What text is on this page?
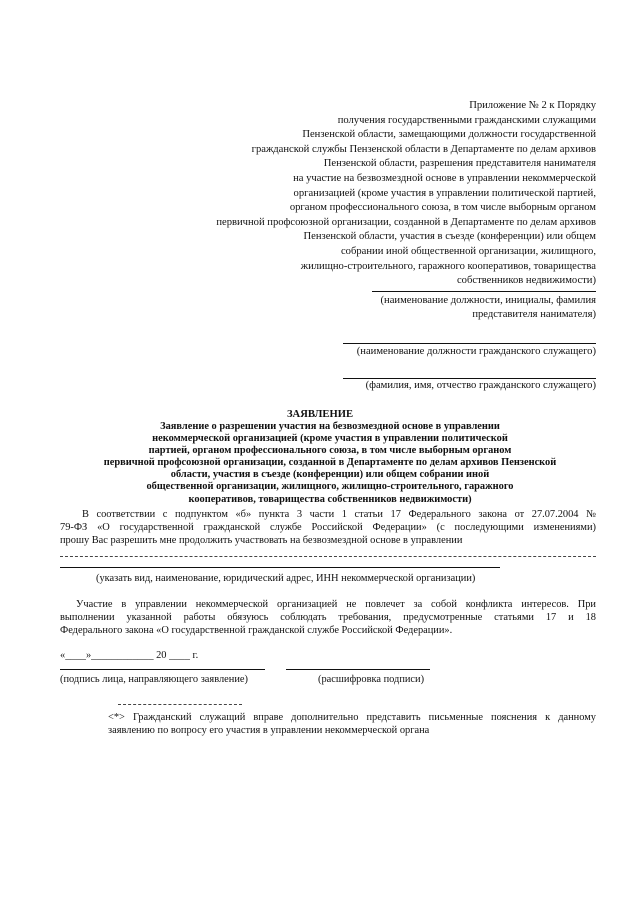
Приложение № 2 к Порядку
получения государственными гражданскими служащими
Пензенской области, замещающими должности государственной
гражданской службы Пензенской области в Департаменте по делам архивов
Пензенской области, разрешения представителя нанимателя
на участие на безвозмездной основе в управлении некоммерческой
организацией (кроме участия в управлении политической партией,
органом профессионального союза, в том числе выборным органом
первичной профсоюзной организации, созданной в Департаменте по делам архивов
Пензенской области, участия в съезде (конференции) или общем
собрании иной общественной организации, жилищного,
жилищно-строительного, гаражного кооперативов, товарищества
собственников недвижимости)
(наименование должности, инициалы, фамилия
представителя нанимателя)
(наименование должности гражданского служащего)
(фамилия, имя, отчество гражданского служащего)
ЗАЯВЛЕНИЕ
Заявление о разрешении участия на безвозмездной основе в управлении
некоммерческой организацией (кроме участия в управлении политической
партией, органом профессионального союза, в том числе выборным органом
первичной профсоюзной организации, созданной в Департаменте по делам архивов Пензенской
области, участия в съезде (конференции) или общем собрании иной
общественной организации, жилищного, жилищно-строительного, гаражного
кооперативов, товарищества собственников недвижимости)
В соответствии с подпунктом «б» пункта 3 части 1 статьи 17 Федерального закона от 27.07.2004 №
79-ФЗ «О государственной гражданской службе Российской Федерации» (с последующими изменениями)
прошу Вас разрешить мне продолжить участвовать на безвозмездной основе в управлении
(указать вид, наименование, юридический адрес, ИНН некоммерческой организации)
Участие в управлении некоммерческой организацией не повлечет за собой конфликта интересов. При
выполнении указанной работы обязуюсь соблюдать требования, предусмотренные статьями 17 и 18
Федерального закона «О государственной гражданской службе Российской Федерации».
«____»____________ 20 ____ г.
(подпись лица, направляющего заявление)	(расшифровка подписи)
<*> Гражданский служащий вправе дополнительно представить письменные пояснения к данному
заявлению по вопросу его участия в управлении некоммерческой органа
